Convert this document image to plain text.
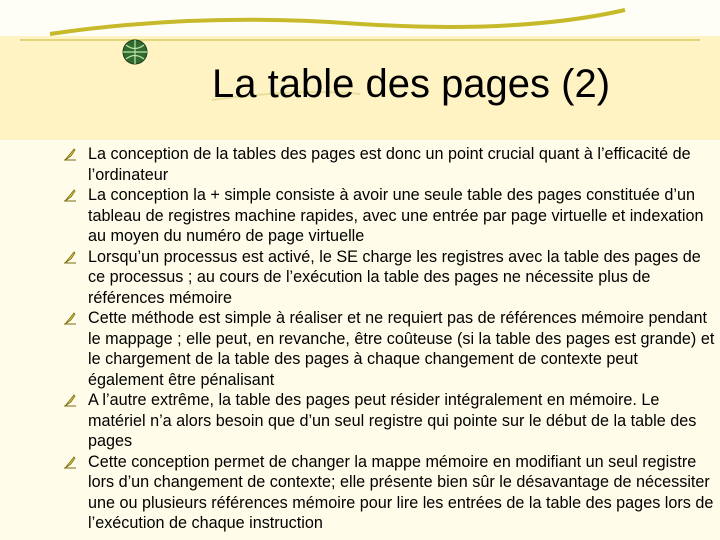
La table des pages (2)
La conception de la tables des pages est donc un point crucial quant à l’efficacité de l’ordinateur
La conception la + simple consiste à avoir une seule table des pages constituée d’un tableau de registres machine rapides, avec une entrée par page virtuelle et indexation au moyen du numéro de page virtuelle
Lorsqu’un processus est activé, le SE charge les registres avec la table des pages de ce processus ; au cours de l’exécution la table des pages ne nécessite plus de références mémoire
Cette méthode est simple à réaliser et ne requiert pas de références mémoire pendant le mappage ; elle peut, en revanche, être coûteuse (si la table des pages est grande) et le chargement de la table des pages à chaque changement de contexte peut également être pénalisant
A l’autre extrême, la table des pages peut résider intégralement en mémoire. Le matériel n’a alors besoin que d’un seul registre qui pointe sur le début de la table des pages
Cette conception permet de changer la mappe mémoire en modifiant un seul registre lors d’un changement de contexte; elle présente bien sûr le désavantage de nécessiter une ou plusieurs références mémoire pour lire les entrées de la table des pages lors de l’exécution de chaque instruction
